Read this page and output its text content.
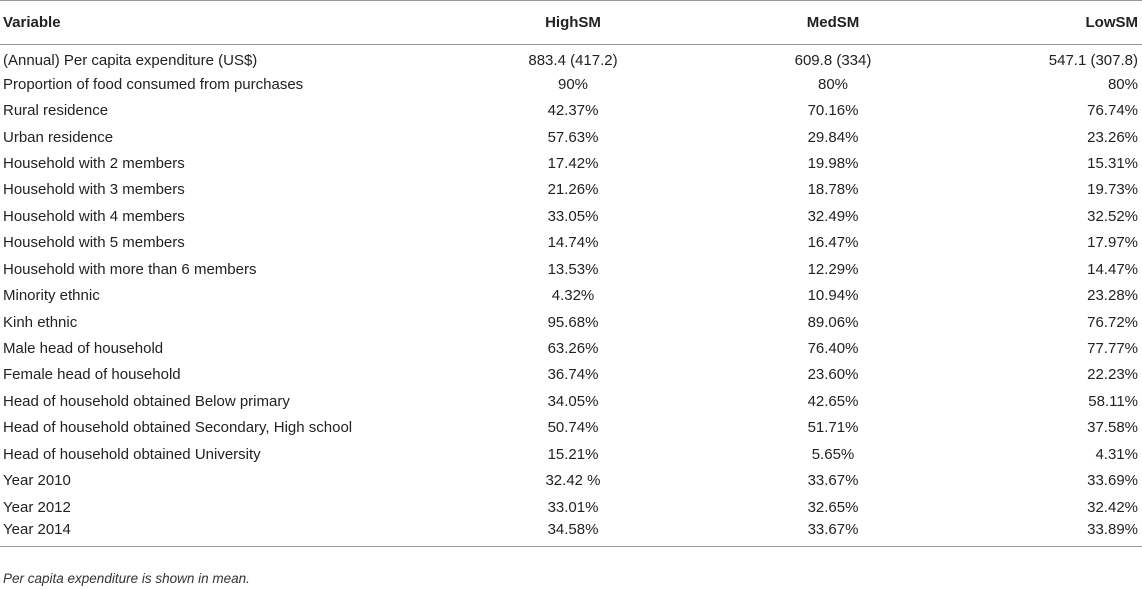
Variable	HighSM	MedSM	LowSM
(Annual) Per capita expenditure (US$)	883.4 (417.2)	609.8 (334)	547.1 (307.8)
Proportion of food consumed from purchases	90%	80%	80%
Rural residence	42.37%	70.16%	76.74%
Urban residence	57.63%	29.84%	23.26%
Household with 2 members	17.42%	19.98%	15.31%
Household with 3 members	21.26%	18.78%	19.73%
Household with 4 members	33.05%	32.49%	32.52%
Household with 5 members	14.74%	16.47%	17.97%
Household with more than 6 members	13.53%	12.29%	14.47%
Minority ethnic	4.32%	10.94%	23.28%
Kinh ethnic	95.68%	89.06%	76.72%
Male head of household	63.26%	76.40%	77.77%
Female head of household	36.74%	23.60%	22.23%
Head of household obtained Below primary	34.05%	42.65%	58.11%
Head of household obtained Secondary, High school	50.74%	51.71%	37.58%
Head of household obtained University	15.21%	5.65%	4.31%
Year 2010	32.42 %	33.67%	33.69%
Year 2012	33.01%	32.65%	32.42%
Year 2014	34.58%	33.67%	33.89%
Per capita expenditure is shown in mean.
